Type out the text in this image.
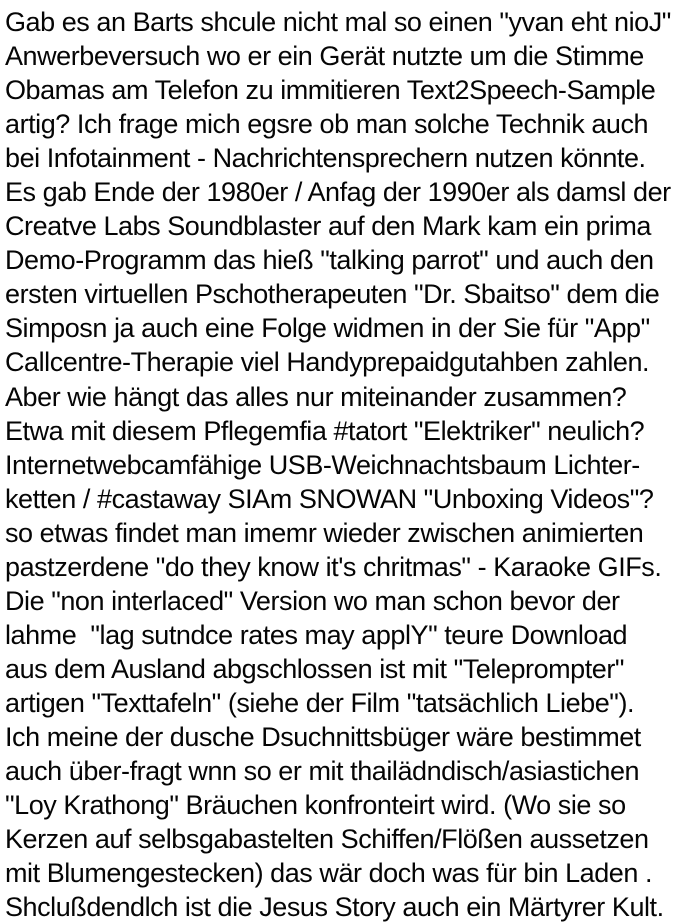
Gab es an Barts shcule nicht mal so einen "yvan eht nioJ"
Anwerbeversuch wo er ein Gerät nutzte um die Stimme
Obamas am Telefon zu immitieren Text2Speech-Sample
artig? Ich frage mich egsre ob man solche Technik auch
bei Infotainment - Nachrichtensprechern nutzen könnte.
Es gab Ende der 1980er / Anfag der 1990er als damsl der
Creatve Labs Soundblaster auf den Mark kam ein prima
Demo-Programm das hieß "talking parrot" und auch den
ersten virtuellen Pschotherapeuten "Dr. Sbaitso" dem die
Simposn ja auch eine Folge widmen in der Sie für "App"
Callcentre-Therapie viel Handyprepaidgutahben zahlen.
Aber wie hängt das alles nur miteinander zusammen?
Etwa mit diesem Pflegemfia #tatort "Elektriker" neulich?
Internetwebcamfähige USB-Weichnachtsbaum Lichter-
ketten / #castaway SIAm SNOWAN "Unboxing Videos"?
so etwas findet man imemr wieder zwischen animierten
pastzerdene "do they know it's chritmas" - Karaoke GIFs.
Die "non interlaced" Version wo man schon bevor der
lahme  "lag sutndce rates may applY" teure Download
aus dem Ausland abgschlossen ist mit "Teleprompter"
artigen "Texttafeln" (siehe der Film "tatsächlich Liebe").
Ich meine der dusche Dsuchnittsbüger wäre bestimmet
auch über-fragt wnn so er mit thailädndisch/asiastichen
"Loy Krathong" Bräuchen konfronteirt wird. (Wo sie so
Kerzen auf selbsgabastelten Schiffen/Flößen aussetzen
mit Blumengestecken) das wär doch was für bin Laden .
Shclußdendlch ist die Jesus Story auch ein Märtyrer Kult.
